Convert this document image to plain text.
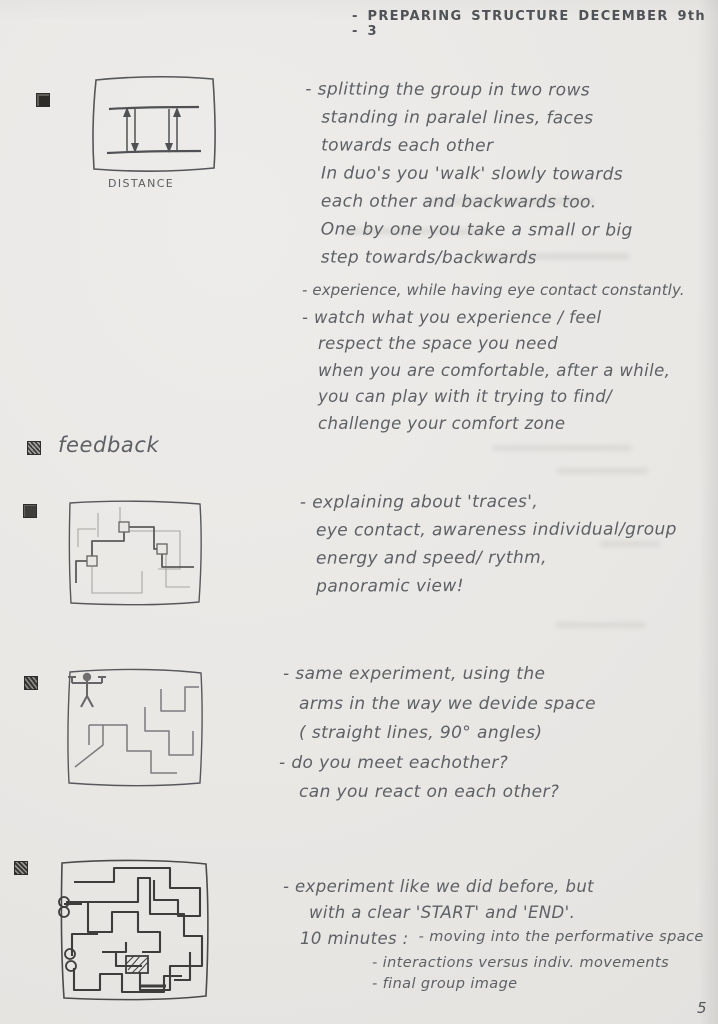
- PREPARING STRUCTURE DECEMBER 9th - 3
DISTANCE
- splitting the group in two rows
standing in paralel lines, faces
towards each other
In duo's you 'walk' slowly towards
each other and backwards too.
One by one you take a small or big
step towards/backwards
- experience, while having eye contact constantly.
- watch what you experience / feel
respect the space you need
when you are comfortable, after a while,
you can play with it trying to find/
challenge your comfort zone
feedback
- explaining about 'traces',
eye contact, awareness individual/group
energy and speed/ rythm,
panoramic view!
- same experiment, using the
arms in the way we devide space
( straight lines, 90° angles)
- do you meet eachother?
can you react on each other?
- experiment like we did before, but
with a clear 'START' and 'END'.
10 minutes : - moving into the performative space
- interactions versus indiv. movements
- final group image
5
